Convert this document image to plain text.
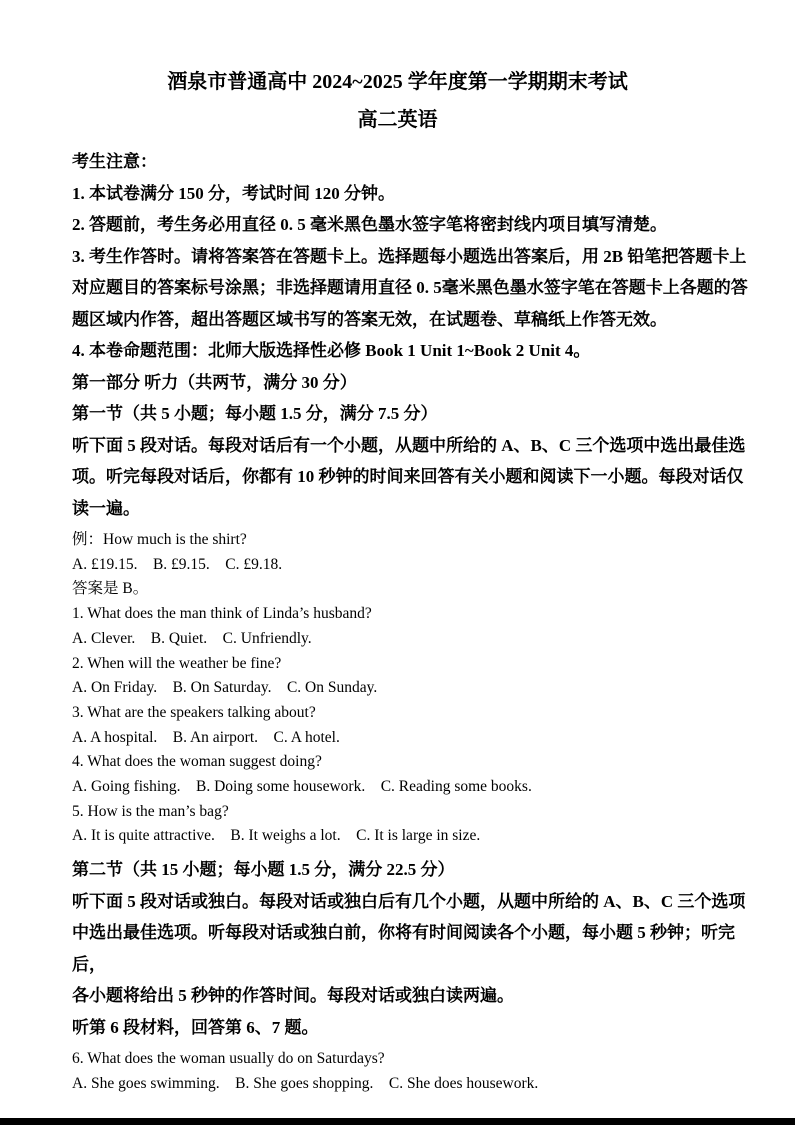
酒泉市普通高中 2024~2025 学年度第一学期期末考试
高二英语
考生注意：
1. 本试卷满分 150 分，考试时间 120 分钟。
2. 答题前，考生务必用直径 0. 5 毫米黑色墨水签字笔将密封线内项目填写清楚。
3. 考生作答时。请将答案答在答题卡上。选择题每小题选出答案后，用 2B 铅笔把答题卡上
对应题目的答案标号涂黑；非选择题请用直径 0. 5毫米黑色墨水签字笔在答题卡上各题的答
题区域内作答，超出答题区域书写的答案无效，在试题卷、草稿纸上作答无效。
4. 本卷命题范围：北师大版选择性必修 Book 1 Unit 1~Book 2 Unit 4。
第一部分 听力（共两节，满分 30 分）
第一节（共 5 小题；每小题 1.5 分，满分 7.5 分）
听下面 5 段对话。每段对话后有一个小题，从题中所给的 A、B、C 三个选项中选出最佳选
项。听完每段对话后，你都有 10 秒钟的时间来回答有关小题和阅读下一小题。每段对话仅
读一遍。
例：How much is the shirt?
A. £19.15.    B. £9.15.    C. £9.18.
答案是 B。
1. What does the man think of Linda’s husband?
A. Clever.    B. Quiet.    C. Unfriendly.
2. When will the weather be fine?
A. On Friday.    B. On Saturday.    C. On Sunday.
3. What are the speakers talking about?
A. A hospital.    B. An airport.    C. A hotel.
4. What does the woman suggest doing?
A. Going fishing.    B. Doing some housework.    C. Reading some books.
5. How is the man’s bag?
A. It is quite attractive.    B. It weighs a lot.    C. It is large in size.
第二节（共 15 小题；每小题 1.5 分，满分 22.5 分）
听下面 5 段对话或独白。每段对话或独白后有几个小题，从题中所给的 A、B、C 三个选项
中选出最佳选项。听每段对话或独白前，你将有时间阅读各个小题，每小题 5 秒钟；听完
后，
各小题将给出 5 秒钟的作答时间。每段对话或独白读两遍。
听第 6 段材料，回答第 6、7 题。
6. What does the woman usually do on Saturdays?
A. She goes swimming.    B. She goes shopping.    C. She does housework.
